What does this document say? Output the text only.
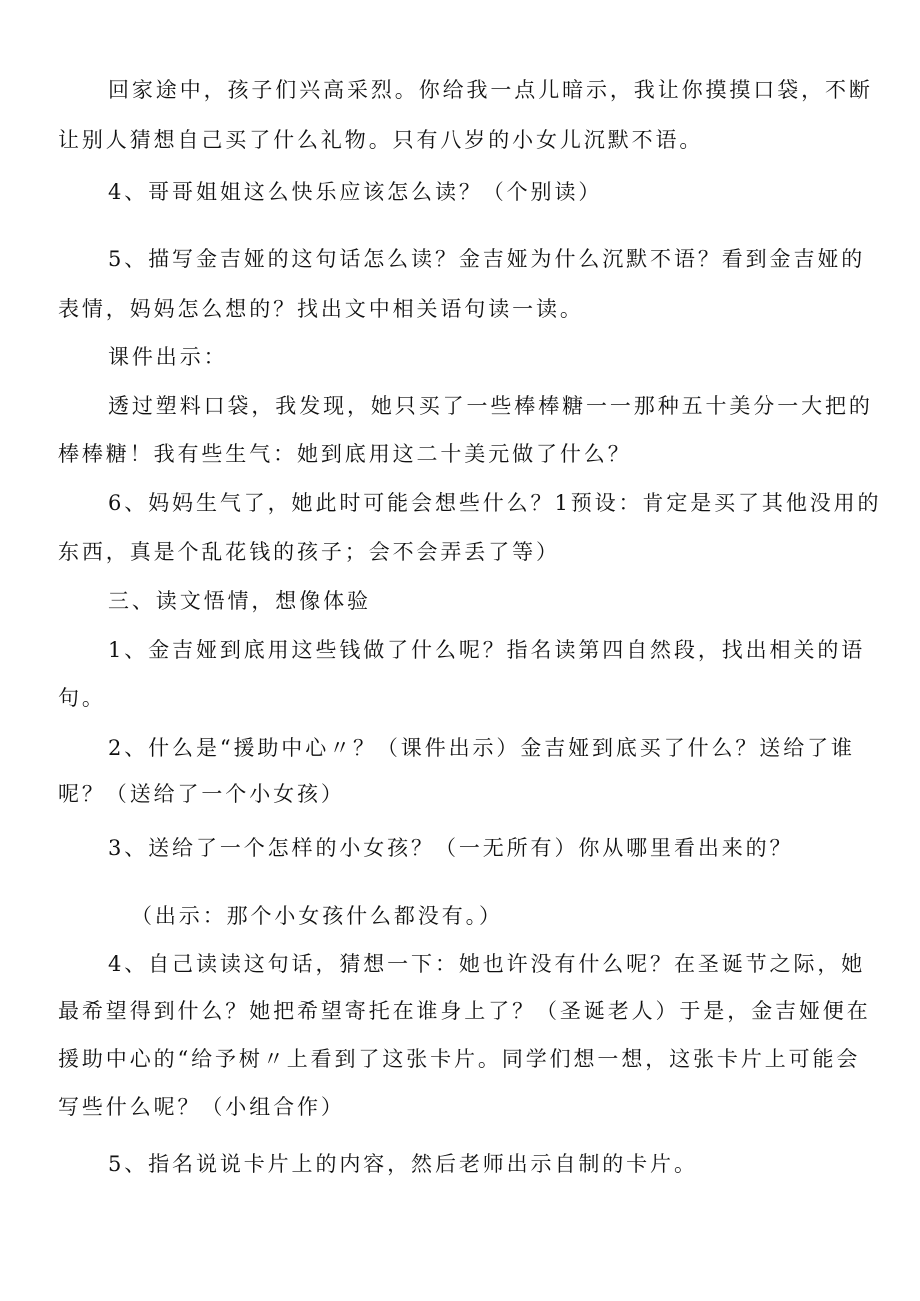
回家途中，孩子们兴高采烈。你给我一点儿暗示，我让你摸摸口袋，不断
让别人猜想自己买了什么礼物。只有八岁的小女儿沉默不语。
4、哥哥姐姐这么快乐应该怎么读？（个别读）
5、描写金吉娅的这句话怎么读？金吉娅为什么沉默不语？看到金吉娅的
表情，妈妈怎么想的？找出文中相关语句读一读。
课件出示：
透过塑料口袋，我发现，她只买了一些棒棒糖一一那种五十美分一大把的
棒棒糖！我有些生气：她到底用这二十美元做了什么？
6、妈妈生气了，她此时可能会想些什么？1预设：肯定是买了其他没用的
东西，真是个乱花钱的孩子；会不会弄丢了等）
三、读文悟情，想像体验
1、金吉娅到底用这些钱做了什么呢？指名读第四自然段，找出相关的语
句。
2、什么是“援助中心〃？（课件出示）金吉娅到底买了什么？送给了谁
呢？（送给了一个小女孩）
3、送给了一个怎样的小女孩？（一无所有）你从哪里看出来的？
（出示：那个小女孩什么都没有。）
4、自己读读这句话，猜想一下：她也许没有什么呢？在圣诞节之际，她
最希望得到什么？她把希望寄托在谁身上了？（圣诞老人）于是，金吉娅便在
援助中心的“给予树〃上看到了这张卡片。同学们想一想，这张卡片上可能会
写些什么呢？（小组合作）
5、指名说说卡片上的内容，然后老师出示自制的卡片。
